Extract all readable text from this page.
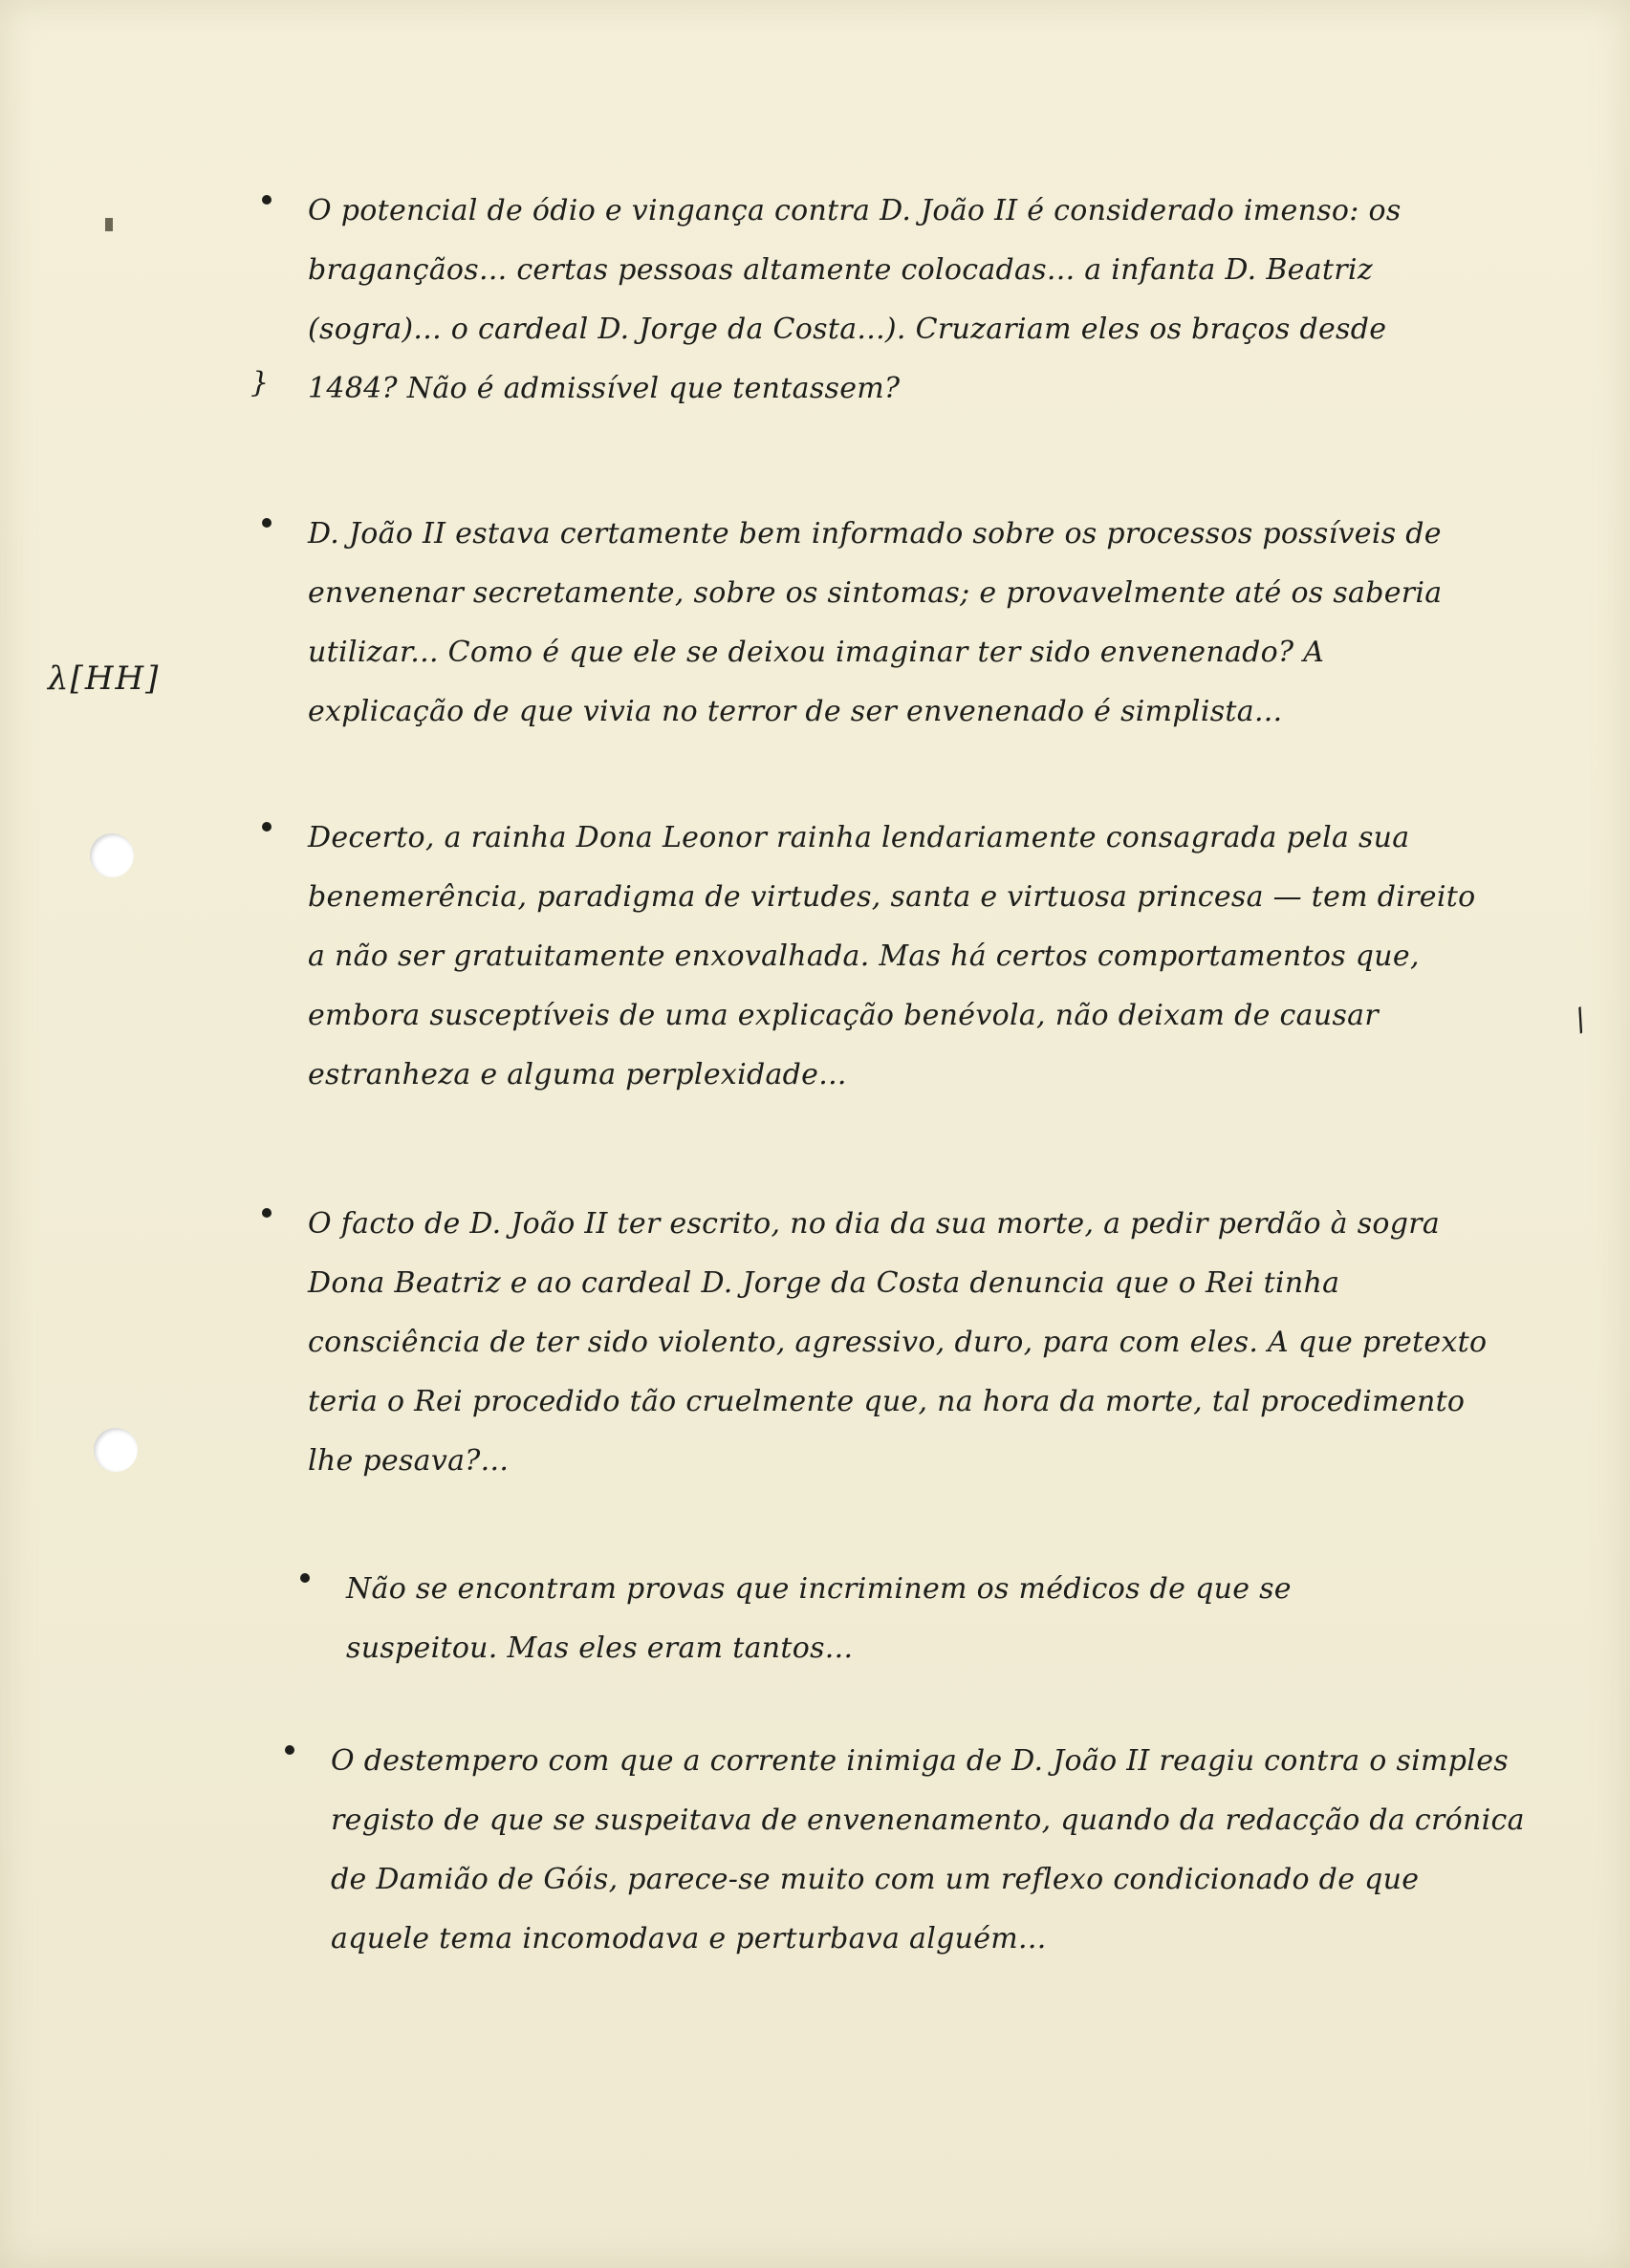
}
λ[HH]
O potencial de ódio e vingança contra D. João II é considerado imenso: os bragançãos... certas pessoas altamente colocadas... a infanta D. Beatriz (sogra)... o cardeal D. Jorge da Costa...). Cruzariam eles os braços desde 1484? Não é admissível que tentassem?
D. João II estava certamente bem informado sobre os processos possíveis de envenenar secretamente, sobre os sintomas; e provavelmente até os saberia utilizar... Como é que ele se deixou imaginar ter sido envenenado? A explicação de que vivia no terror de ser envenenado é simplista...
Decerto, a rainha Dona Leonor rainha lendariamente consagrada pela sua benemerência, paradigma de virtudes, santa e virtuosa princesa — tem direito a não ser gratuitamente enxovalhada. Mas há certos comportamentos que, embora susceptíveis de uma explicação benévola, não deixam de causar estranheza e alguma perplexidade...
O facto de D. João II ter escrito, no dia da sua morte, a pedir perdão à sogra Dona Beatriz e ao cardeal D. Jorge da Costa denuncia que o Rei tinha consciência de ter sido violento, agressivo, duro, para com eles. A que pretexto teria o Rei procedido tão cruelmente que, na hora da morte, tal procedimento lhe pesava?...
Não se encontram provas que incriminem os médicos de que se suspeitou. Mas eles eram tantos...
O destempero com que a corrente inimiga de D. João II reagiu contra o simples registo de que se suspeitava de envenenamento, quando da redacção da crónica de Damião de Góis, parece-se muito com um reflexo condicionado de que aquele tema incomodava e perturbava alguém...
/
